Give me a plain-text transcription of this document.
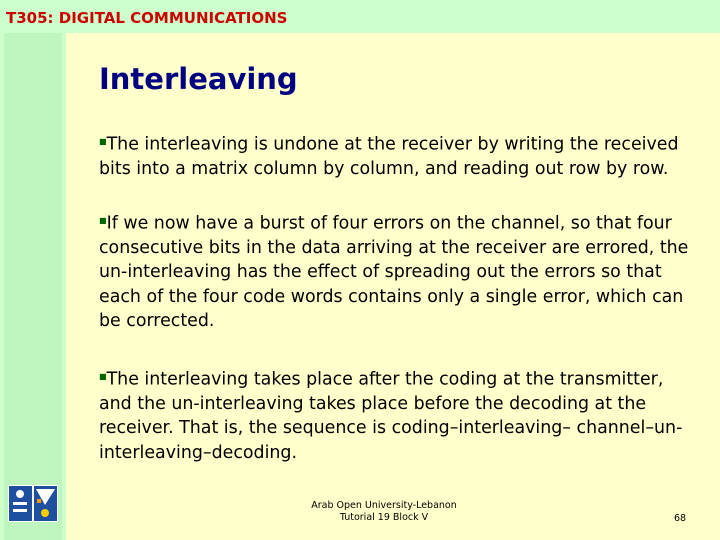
T305: DIGITAL COMMUNICATIONS
Interleaving
■The interleaving is undone at the receiver by writing the received bits into a matrix column by column, and reading out row by row.
■If we now have a burst of four errors on the channel, so that four consecutive bits in the data arriving at the receiver are errored, the un-interleaving has the effect of spreading out the errors so that each of the four code words contains only a single error, which can be corrected.
■The interleaving takes place after the coding at the transmitter, and the un-interleaving takes place before the decoding at the receiver. That is, the sequence is coding–interleaving– channel–un-interleaving–decoding.
Arab Open University-Lebanon
Tutorial 19 Block V	68
